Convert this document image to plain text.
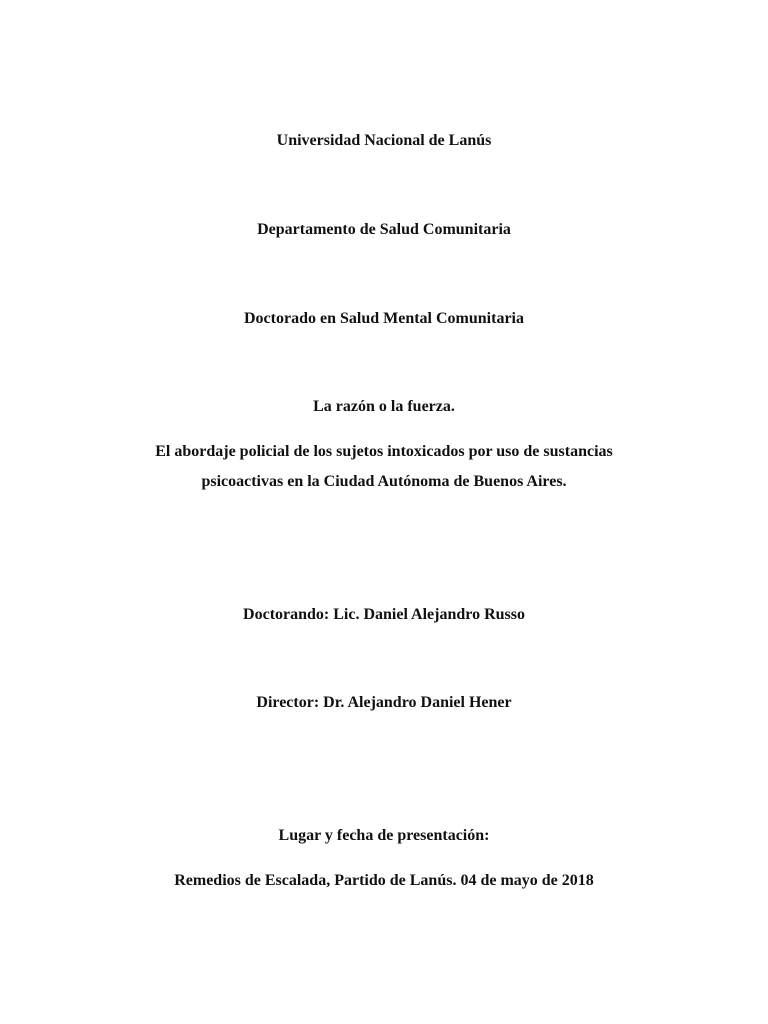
Universidad Nacional de Lanús
Departamento de Salud Comunitaria
Doctorado en Salud Mental Comunitaria
La razón o la fuerza.
El abordaje policial de los sujetos intoxicados por uso de sustancias
psicoactivas en la Ciudad Autónoma de Buenos Aires.
Doctorando: Lic. Daniel Alejandro Russo
Director: Dr. Alejandro Daniel Hener
Lugar y fecha de presentación:
Remedios de Escalada, Partido de Lanús. 04 de mayo de 2018
